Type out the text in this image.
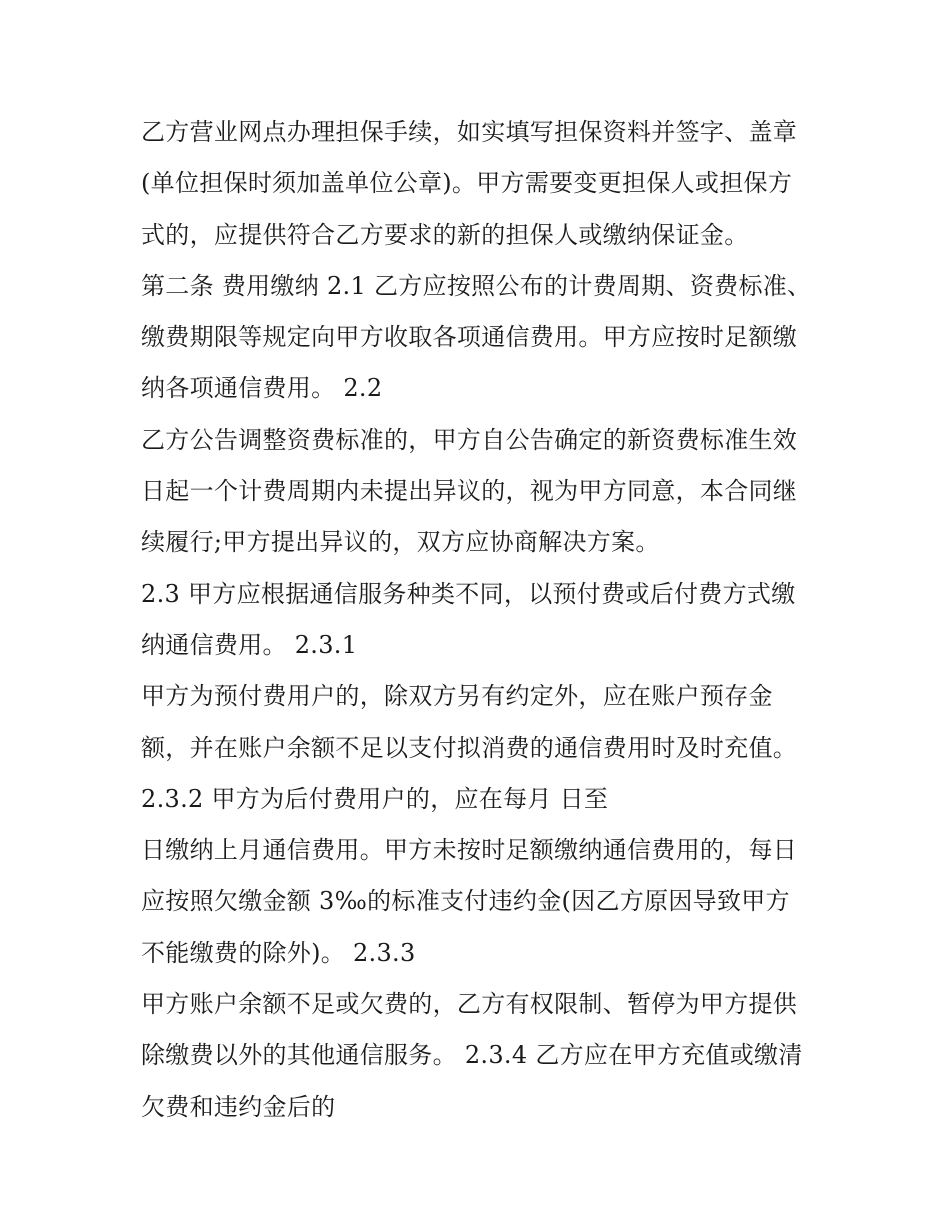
乙方营业网点办理担保手续，如实填写担保资料并签字、盖章
(单位担保时须加盖单位公章)。甲方需要变更担保人或担保方
式的，应提供符合乙方要求的新的担保人或缴纳保证金。
第二条 费用缴纳 2.1 乙方应按照公布的计费周期、资费标准、
缴费期限等规定向甲方收取各项通信费用。甲方应按时足额缴
纳各项通信费用。 2.2
乙方公告调整资费标准的，甲方自公告确定的新资费标准生效
日起一个计费周期内未提出异议的，视为甲方同意，本合同继
续履行;甲方提出异议的，双方应协商解决方案。
2.3 甲方应根据通信服务种类不同，以预付费或后付费方式缴
纳通信费用。 2.3.1
甲方为预付费用户的，除双方另有约定外，应在账户预存金
额，并在账户余额不足以支付拟消费的通信费用时及时充值。
2.3.2 甲方为后付费用户的，应在每月 日至
日缴纳上月通信费用。甲方未按时足额缴纳通信费用的，每日
应按照欠缴金额 3‰的标准支付违约金(因乙方原因导致甲方
不能缴费的除外)。 2.3.3
甲方账户余额不足或欠费的，乙方有权限制、暂停为甲方提供
除缴费以外的其他通信服务。 2.3.4 乙方应在甲方充值或缴清
欠费和违约金后的
